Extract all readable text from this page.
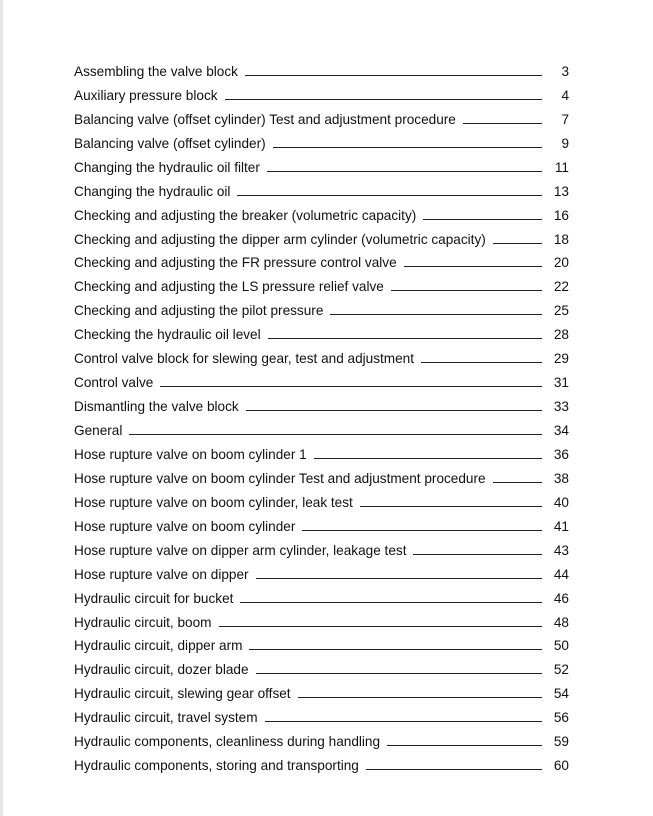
Assembling the valve block	3
Auxiliary pressure block	4
Balancing valve (offset cylinder) Test and adjustment procedure	7
Balancing valve (offset cylinder)	9
Changing the hydraulic oil filter	11
Changing the hydraulic oil	13
Checking and adjusting the breaker (volumetric capacity)	16
Checking and adjusting the dipper arm cylinder (volumetric capacity)	18
Checking and adjusting the FR pressure control valve	20
Checking and adjusting the LS pressure relief valve	22
Checking and adjusting the pilot pressure	25
Checking the hydraulic oil level	28
Control valve block for slewing gear, test and adjustment	29
Control valve	31
Dismantling the valve block	33
General	34
Hose rupture valve on boom cylinder 1	36
Hose rupture valve on boom cylinder Test and adjustment procedure	38
Hose rupture valve on boom cylinder, leak test	40
Hose rupture valve on boom cylinder	41
Hose rupture valve on dipper arm cylinder, leakage test	43
Hose rupture valve on dipper	44
Hydraulic circuit for bucket	46
Hydraulic circuit, boom	48
Hydraulic circuit, dipper arm	50
Hydraulic circuit, dozer blade	52
Hydraulic circuit, slewing gear offset	54
Hydraulic circuit, travel system	56
Hydraulic components, cleanliness during handling	59
Hydraulic components, storing and transporting	60
